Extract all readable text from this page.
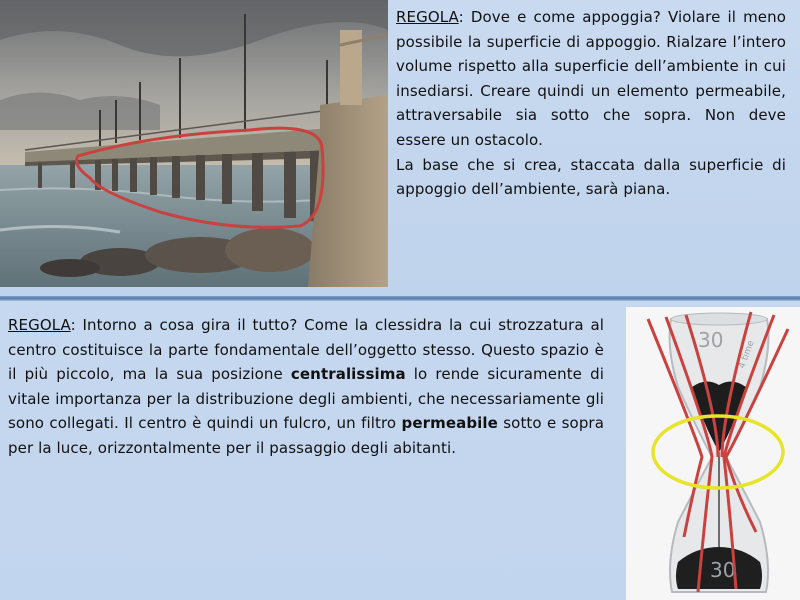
REGOLA: Dove e come appoggia? Violare il meno possibile la superficie di appoggio. Rialzare l’intero volume rispetto alla superficie dell’ambiente in cui insediarsi. Creare quindi un elemento permeabile, attraversabile sia sotto che sopra. Non deve essere un ostacolo.

La base che si crea, staccata dalla superficie di appoggio dell’ambiente, sarà piana.

REGOLA: Intorno a cosa gira il tutto? Come la clessidra la cui strozzatura al centro costituisce la parte fondamentale dell’oggetto stesso. Questo spazio è il più piccolo, ma la sua posizione centralissima lo rende sicuramente di vitale importanza per la distribuzione degli ambienti, che necessariamente gli sono collegati. Il centro è quindi un fulcro, un filtro permeabile sotto e sopra per la luce, orizzontalmente per il passaggio degli abitanti.

30
30
4 time
